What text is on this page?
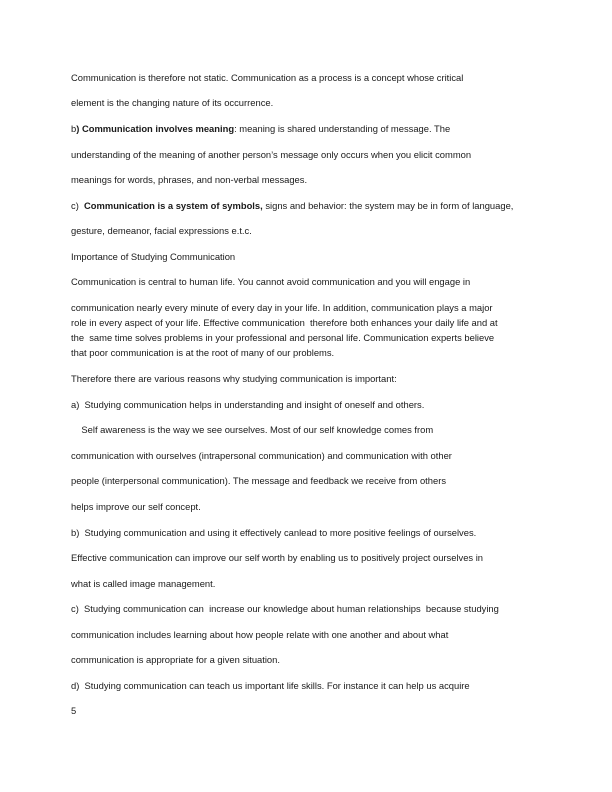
Communication is therefore not static. Communication as a process is a concept whose critical
element is the changing nature of its occurrence.
b) Communication involves meaning: meaning is shared understanding of message. The
understanding of the meaning of another person’s message only occurs when you elicit common
meanings for words, phrases, and non-verbal messages.
c)  Communication is a system of symbols, signs and behavior: the system may be in form of language,
gesture, demeanor, facial expressions e.t.c.
Importance of Studying Communication
Communication is central to human life. You cannot avoid communication and you will engage in
communication nearly every minute of every day in your life. In addition, communication plays a major
role in every aspect of your life. Effective communication  therefore both enhances your daily life and at
the  same time solves problems in your professional and personal life. Communication experts believe
that poor communication is at the root of many of our problems.
Therefore there are various reasons why studying communication is important:
a)  Studying communication helps in understanding and insight of oneself and others.
Self awareness is the way we see ourselves. Most of our self knowledge comes from
communication with ourselves (intrapersonal communication) and communication with other
people (interpersonal communication). The message and feedback we receive from others
helps improve our self concept.
b)  Studying communication and using it effectively canlead to more positive feelings of ourselves.
Effective communication can improve our self worth by enabling us to positively project ourselves in
what is called image management.
c)  Studying communication can  increase our knowledge about human relationships  because studying
communication includes learning about how people relate with one another and about what
communication is appropriate for a given situation.
d)  Studying communication can teach us important life skills. For instance it can help us acquire
5
